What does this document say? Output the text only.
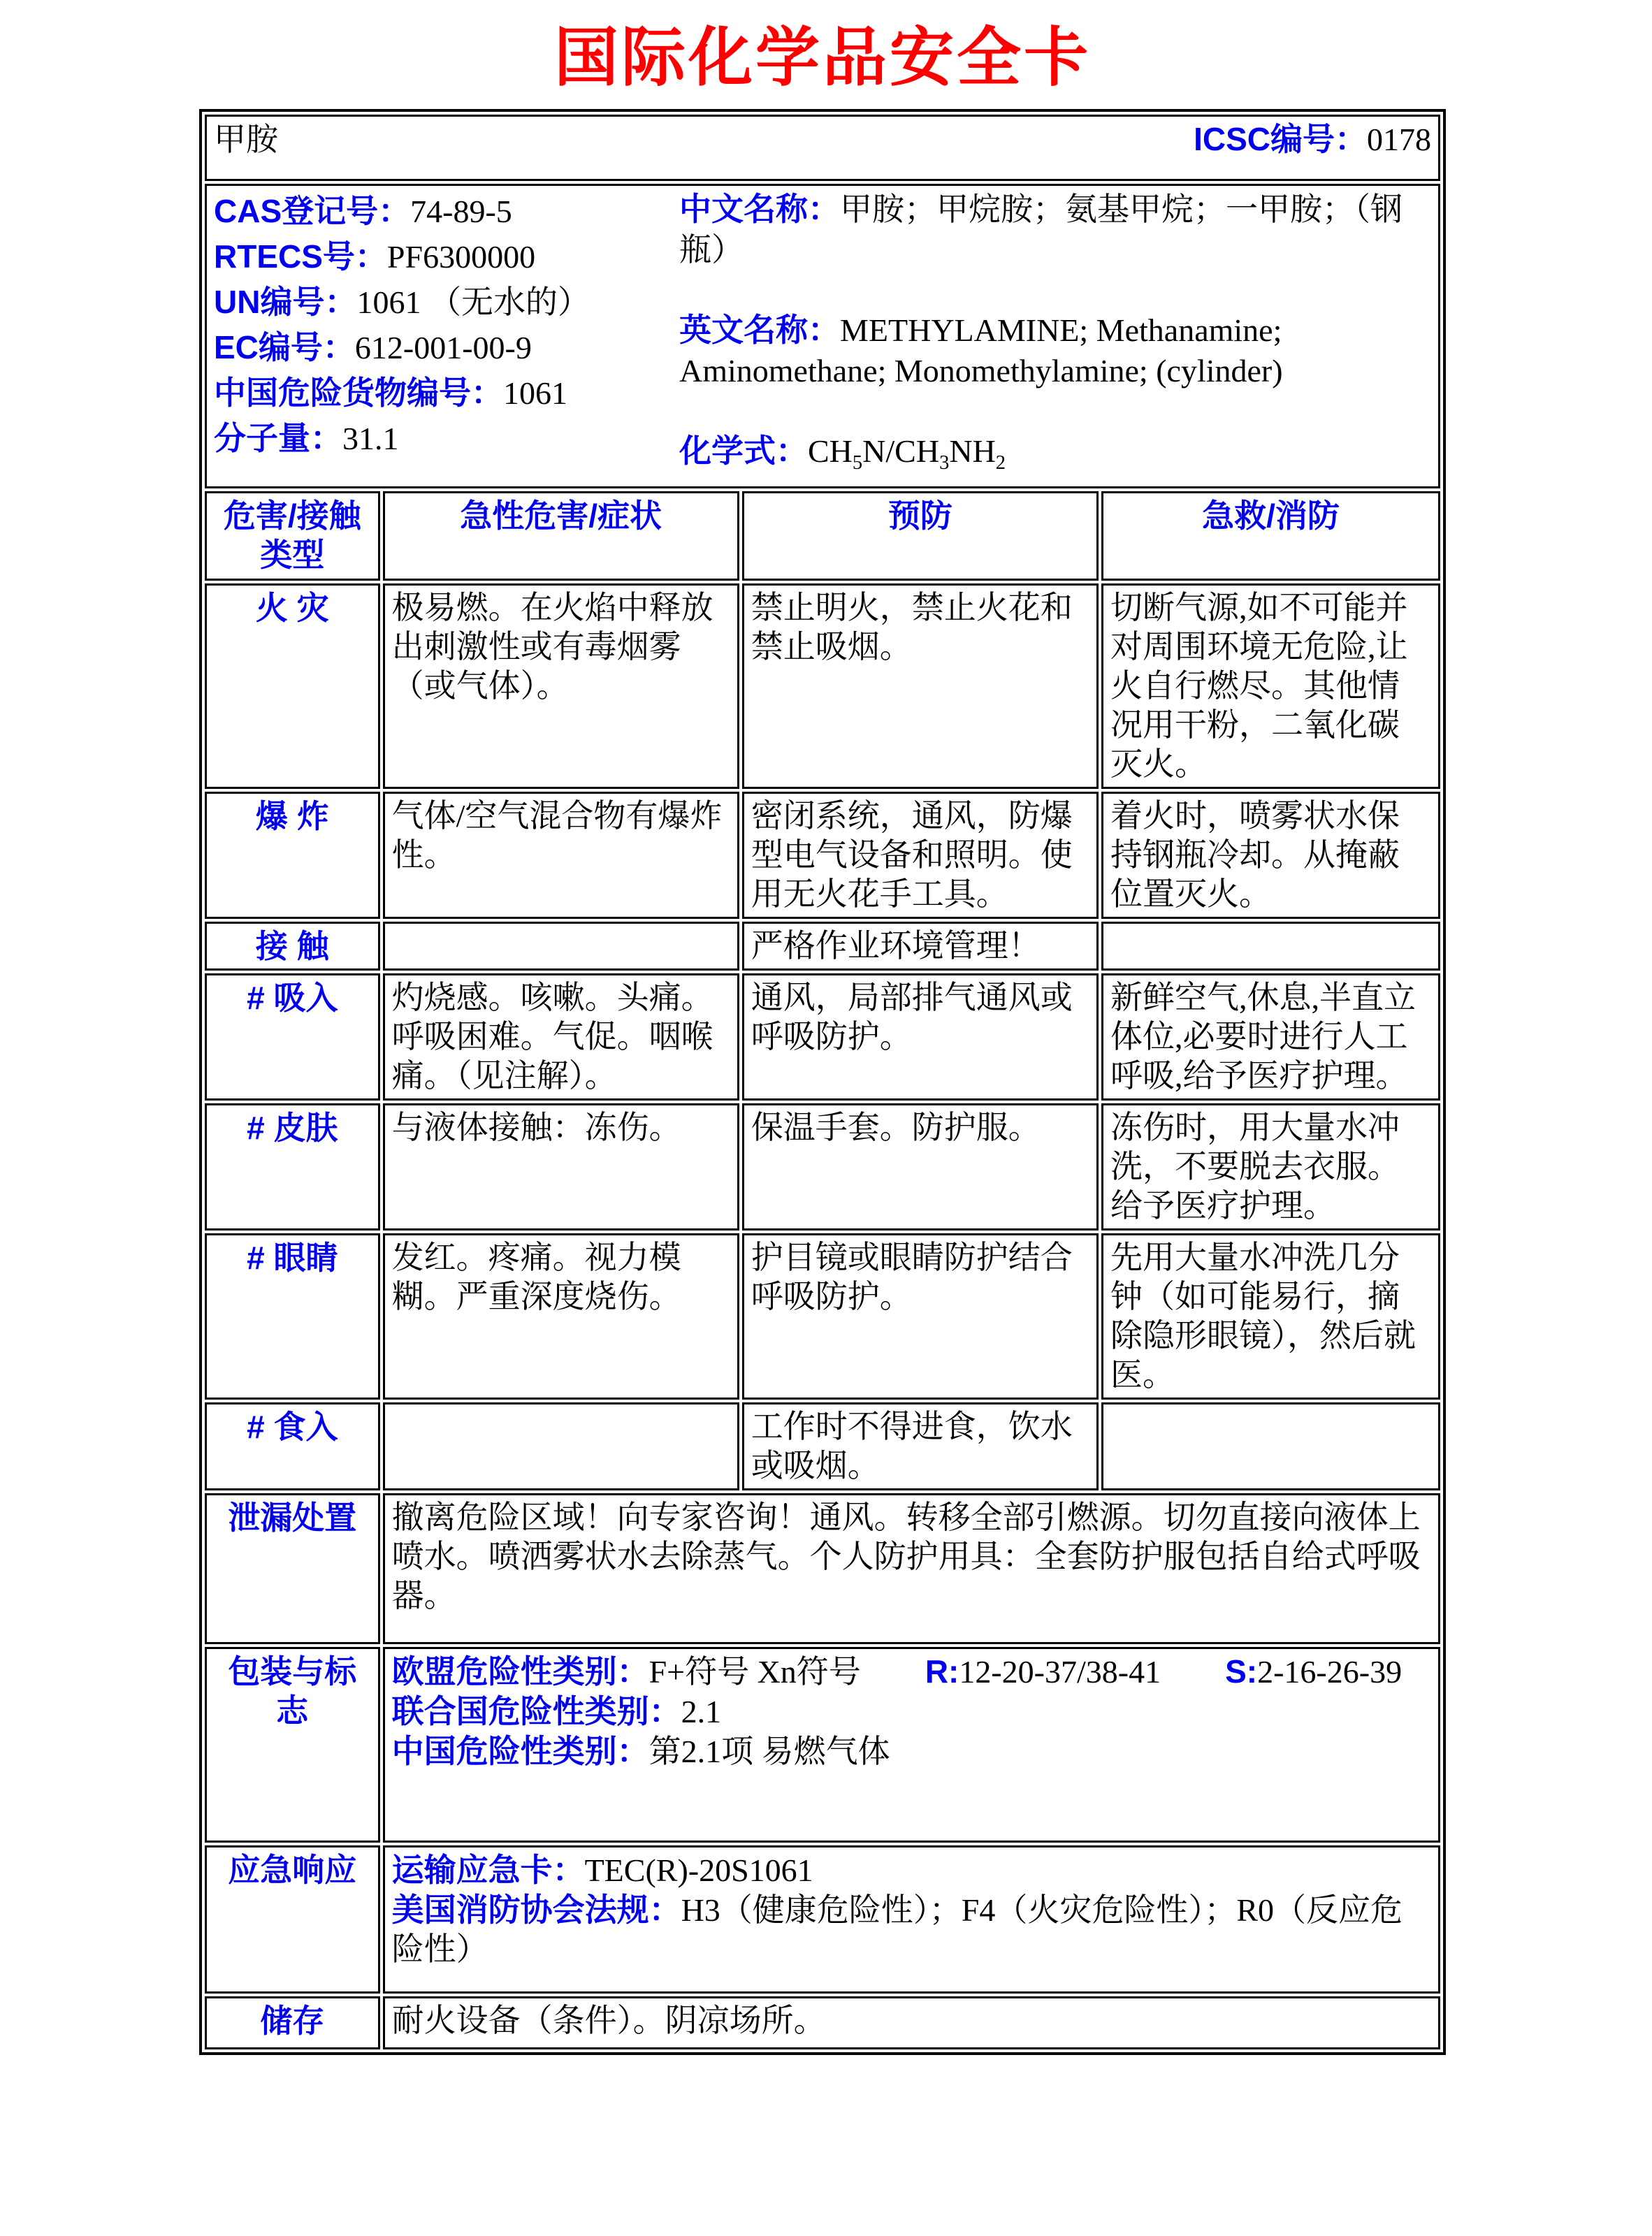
国际化学品安全卡
甲胺 ICSC编号：0178			

CAS登记号：74-89-5
RTECS号：PF6300000
UN编号：1061 （无水的）
EC编号：612-001-00-9
中国危险货物编号：1061
分子量：31.1

中文名称：甲胺；甲烷胺；氨基甲烷；一甲胺；（钢瓶）

英文名称：METHYLAMINE; Methanamine; Aminomethane; Monomethylamine; (cylinder)

化学式：$CH_5N/CH_3NH_2$

危害/接触类型	急性危害/症状	预防	急救/消防
火 灾	极易燃。在火焰中释放出刺激性或有毒烟雾（或气体）。	禁止明火，禁止火花和禁止吸烟。	切断气源,如不可能并对周围环境无危险,让火自行燃尽。其他情况用干粉，二氧化碳灭火。
爆 炸	气体/空气混合物有爆炸性。	密闭系统，通风，防爆型电气设备和照明。使用无火花手工具。	着火时，喷雾状水保持钢瓶冷却。从掩蔽位置灭火。
接 触		严格作业环境管理！	
# 吸入	灼烧感。咳嗽。头痛。呼吸困难。气促。咽喉痛。（见注解）。	通风，局部排气通风或呼吸防护。	新鲜空气,休息,半直立体位,必要时进行人工呼吸,给予医疗护理。
# 皮肤	与液体接触：冻伤。	保温手套。防护服。	冻伤时，用大量水冲洗，不要脱去衣服。给予医疗护理。
# 眼睛	发红。疼痛。视力模糊。严重深度烧伤。	护目镜或眼睛防护结合呼吸防护。	先用大量水冲洗几分钟（如可能易行，摘除隐形眼镜），然后就医。
# 食入		工作时不得进食，饮水或吸烟。	
泄漏处置	撤离危险区域！向专家咨询！通风。转移全部引燃源。切勿直接向液体上喷水。喷洒雾状水去除蒸气。个人防护用具：全套防护服包括自给式呼吸器。		

包装与标志	欧盟危险性类别：F+符号 Xn符号　　R:12-20-37/38-41　　S:2-16-26-39
联合国危险性类别：2.1
中国危险性类别：第2.1项 易燃气体		

应急响应	运输应急卡：TEC(R)-20S1061
美国消防协会法规：H3（健康危险性）；F4（火灾危险性）；R0（反应危险性）		

储存	耐火设备（条件）。阴凉场所。		
